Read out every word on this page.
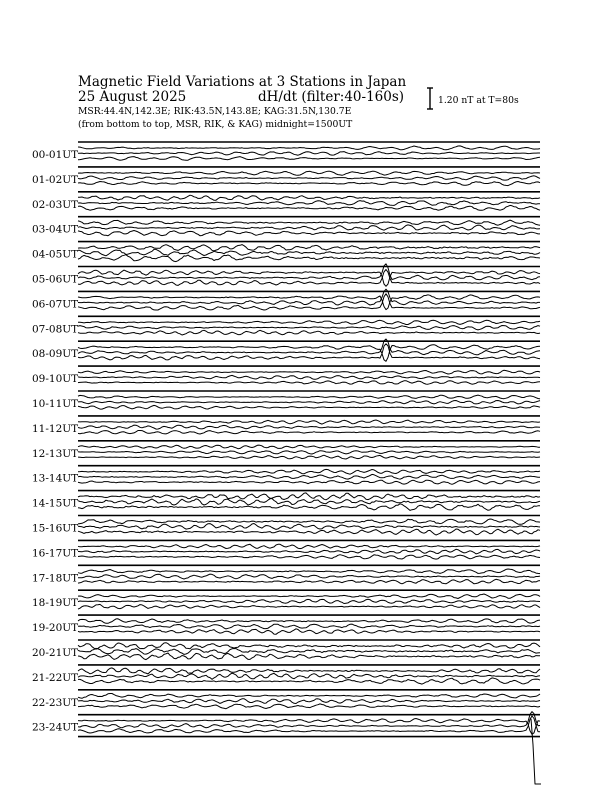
Magnetic Field Variations at 3 Stations in Japan
25 August 2025	dH/dt (filter:40-160s)
MSR:44.4N,142.3E; RIK:43.5N,143.8E; KAG:31.5N,130.7E
(from bottom to top, MSR, RIK, & KAG) midnight=1500UT
1.20 nT at T=80s
00-01UT
01-02UT
02-03UT
03-04UT
04-05UT
05-06UT
06-07UT
07-08UT
08-09UT
09-10UT
10-11UT
11-12UT
12-13UT
13-14UT
14-15UT
15-16UT
16-17UT
17-18UT
18-19UT
19-20UT
20-21UT
21-22UT
22-23UT
23-24UT
